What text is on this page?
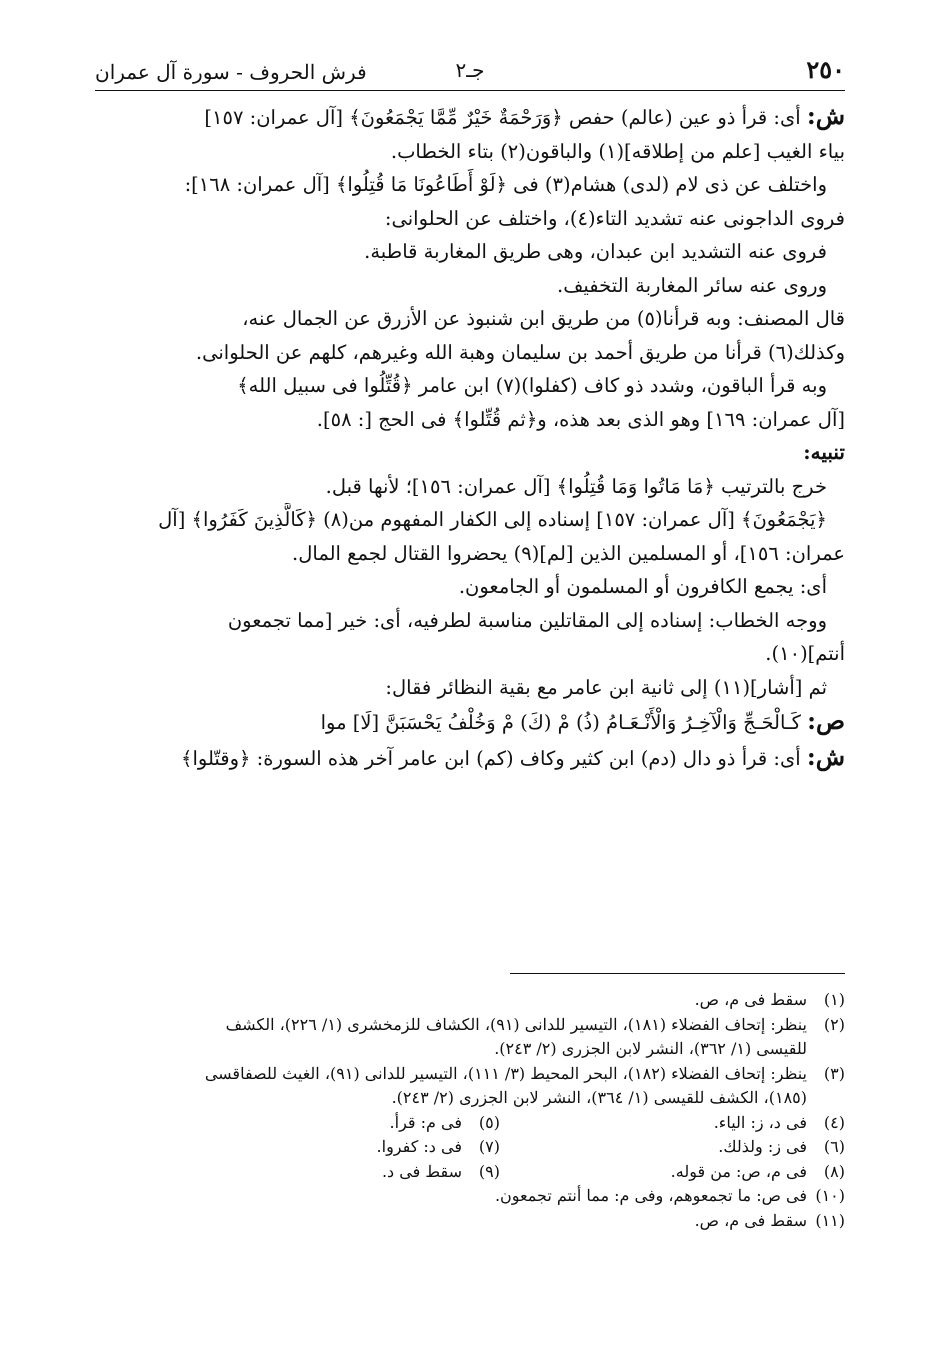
٢٥٠
جـ٢
فرش الحروف - سورة آل عمران

ش: أى: قرأ ذو عين (عالم) حفص ﴿وَرَحْمَةٌ خَيْرٌ مِّمَّا يَجْمَعُونَ﴾ [آل عمران: ١٥٧]

بياء الغيب [علم من إطلاقه](١) والباقون(٢) بتاء الخطاب.

واختلف عن ذى لام (لدى) هشام(٣) فى ﴿لَوْ أَطَاعُونَا مَا قُتِلُوا﴾ [آل عمران: ١٦٨]:

فروى الداجونى عنه تشديد التاء(٤)، واختلف عن الحلوانى:

فروى عنه التشديد ابن عبدان، وهى طريق المغاربة قاطبة.

وروى عنه سائر المغاربة التخفيف.

قال المصنف: وبه قرأنا(٥) من طريق ابن شنبوذ عن الأزرق عن الجمال عنه،

وكذلك(٦) قرأنا من طريق أحمد بن سليمان وهبة الله وغيرهم، كلهم عن الحلوانى.

وبه قرأ الباقون، وشدد ذو كاف (كفلوا)(٧) ابن عامر ﴿قُتِّلُوا فى سبيل الله﴾

[آل عمران: ١٦٩] وهو الذى بعد هذه، و﴿ثم قُتِّلوا﴾ فى الحج [: ٥٨].

تنبيه:

خرج بالترتيب ﴿مَا مَاتُوا وَمَا قُتِلُوا﴾ [آل عمران: ١٥٦]؛ لأنها قبل.

﴿يَجْمَعُونَ﴾ [آل عمران: ١٥٧] إسناده إلى الكفار المفهوم من(٨) ﴿كَالَّذِينَ كَفَرُوا﴾ [آل

عمران: ١٥٦]، أو المسلمين الذين [لم](٩) يحضروا القتال لجمع المال.

أى: يجمع الكافرون أو المسلمون أو الجامعون.

ووجه الخطاب: إسناده إلى المقاتلين مناسبة لطرفيه، أى: خير [مما تجمعون

أنتم](١٠).

ثم [أشار](١١) إلى ثانية ابن عامر مع بقية النظائر فقال:

ص: كَـالْحَـجِّ وَالْآخِـرُ وَالْأَنْـعَـامُ (ذُ) مْ (كَ) مْ وَخُلْفُ يَحْسَبَنَّ [لَا] موا

ش: أى: قرأ ذو دال (دم) ابن كثير وكاف (كم) ابن عامر آخر هذه السورة: ﴿وقتّلوا﴾

(١)سقط فى م، ص.

(٢)ينظر: إتحاف الفضلاء (١٨١)، التيسير للدانى (٩١)، الكشاف للزمخشرى (١/ ٢٢٦)، الكشف

للقيسى (١/ ٣٦٢)، النشر لابن الجزرى (٢/ ٢٤٣).

(٣)ينظر: إتحاف الفضلاء (١٨٢)، البحر المحيط (٣/ ١١١)، التيسير للدانى (٩١)، الغيث للصفاقسى

(١٨٥)، الكشف للقيسى (١/ ٣٦٤)، النشر لابن الجزرى (٢/ ٢٤٣).

(٤)فى د، ز: الياء.

(٥)فى م: قرأ.

(٦)فى ز: ولذلك.

(٧)فى د: كفروا.

(٨)فى م، ص: من قوله.

(٩)سقط فى د.

(١٠)فى ص: ما تجمعوهم، وفى م: مما أنتم تجمعون.

(١١)سقط فى م، ص.
